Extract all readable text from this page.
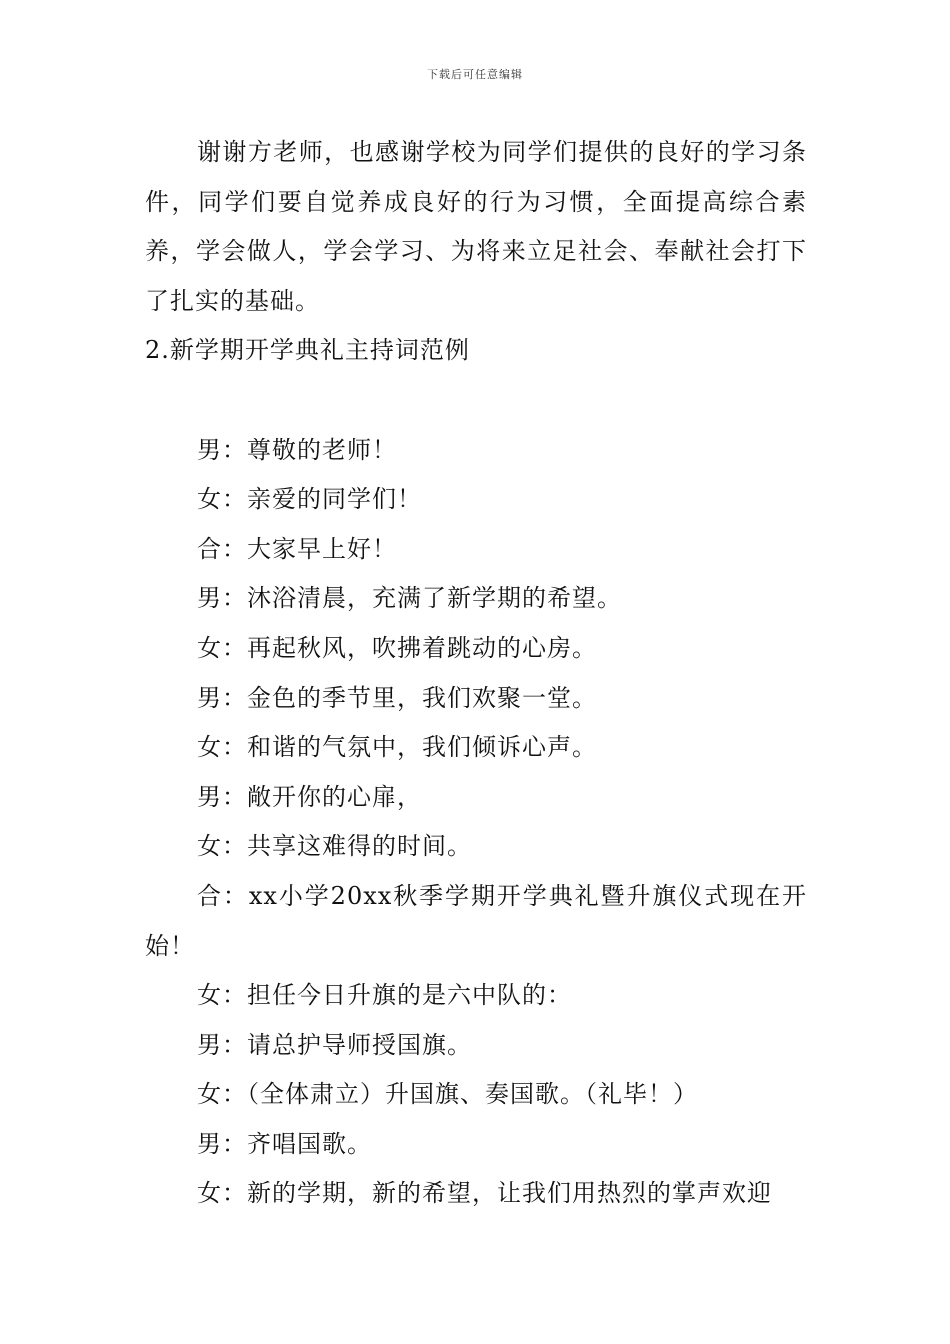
下载后可任意编辑

谢谢方老师，也感谢学校为同学们提供的良好的学习条件，同学们要自觉养成良好的行为习惯，全面提高综合素养，学会做人，学会学习、为将来立足社会、奉献社会打下了扎实的基础。

2.新学期开学典礼主持词范例

男：尊敬的老师！

女：亲爱的同学们！

合：大家早上好！

男：沐浴清晨，充满了新学期的希望。

女：再起秋风，吹拂着跳动的心房。

男：金色的季节里，我们欢聚一堂。

女：和谐的气氛中，我们倾诉心声。

男：敞开你的心扉，

女：共享这难得的时间。

合：xx小学20xx秋季学期开学典礼暨升旗仪式现在开始！

女：担任今日升旗的是六中队的：

男：请总护导师授国旗。

女：（全体肃立）升国旗、奏国歌。（礼毕！）

男：齐唱国歌。

女：新的学期，新的希望，让我们用热烈的掌声欢迎
